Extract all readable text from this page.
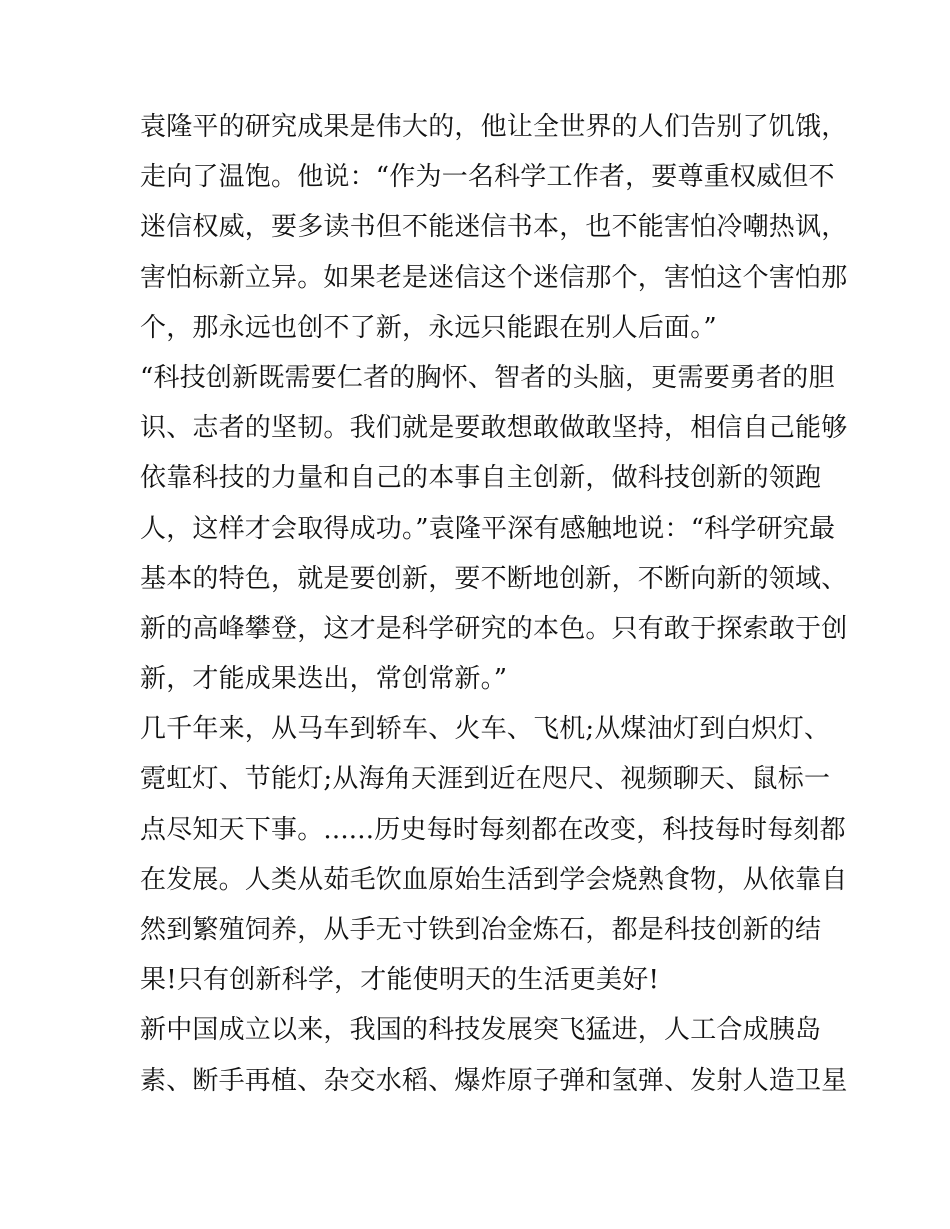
袁隆平的研究成果是伟大的，他让全世界的人们告别了饥饿，
走向了温饱。他说：“作为一名科学工作者，要尊重权威但不
迷信权威，要多读书但不能迷信书本，也不能害怕冷嘲热讽，
害怕标新立异。如果老是迷信这个迷信那个，害怕这个害怕那
个，那永远也创不了新，永远只能跟在别人后面。”
“科技创新既需要仁者的胸怀、智者的头脑，更需要勇者的胆
识、志者的坚韧。我们就是要敢想敢做敢坚持，相信自己能够
依靠科技的力量和自己的本事自主创新，做科技创新的领跑
人，这样才会取得成功。”袁隆平深有感触地说：“科学研究最
基本的特色，就是要创新，要不断地创新，不断向新的领域、
新的高峰攀登，这才是科学研究的本色。只有敢于探索敢于创
新，才能成果迭出，常创常新。”
几千年来，从马车到轿车、火车、飞机;从煤油灯到白炽灯、
霓虹灯、节能灯;从海角天涯到近在咫尺、视频聊天、鼠标一
点尽知天下事。......历史每时每刻都在改变，科技每时每刻都
在发展。人类从茹毛饮血原始生活到学会烧熟食物，从依靠自
然到繁殖饲养，从手无寸铁到冶金炼石，都是科技创新的结
果!只有创新科学，才能使明天的生活更美好!
新中国成立以来，我国的科技发展突飞猛进，人工合成胰岛
素、断手再植、杂交水稻、爆炸原子弹和氢弹、发射人造卫星
